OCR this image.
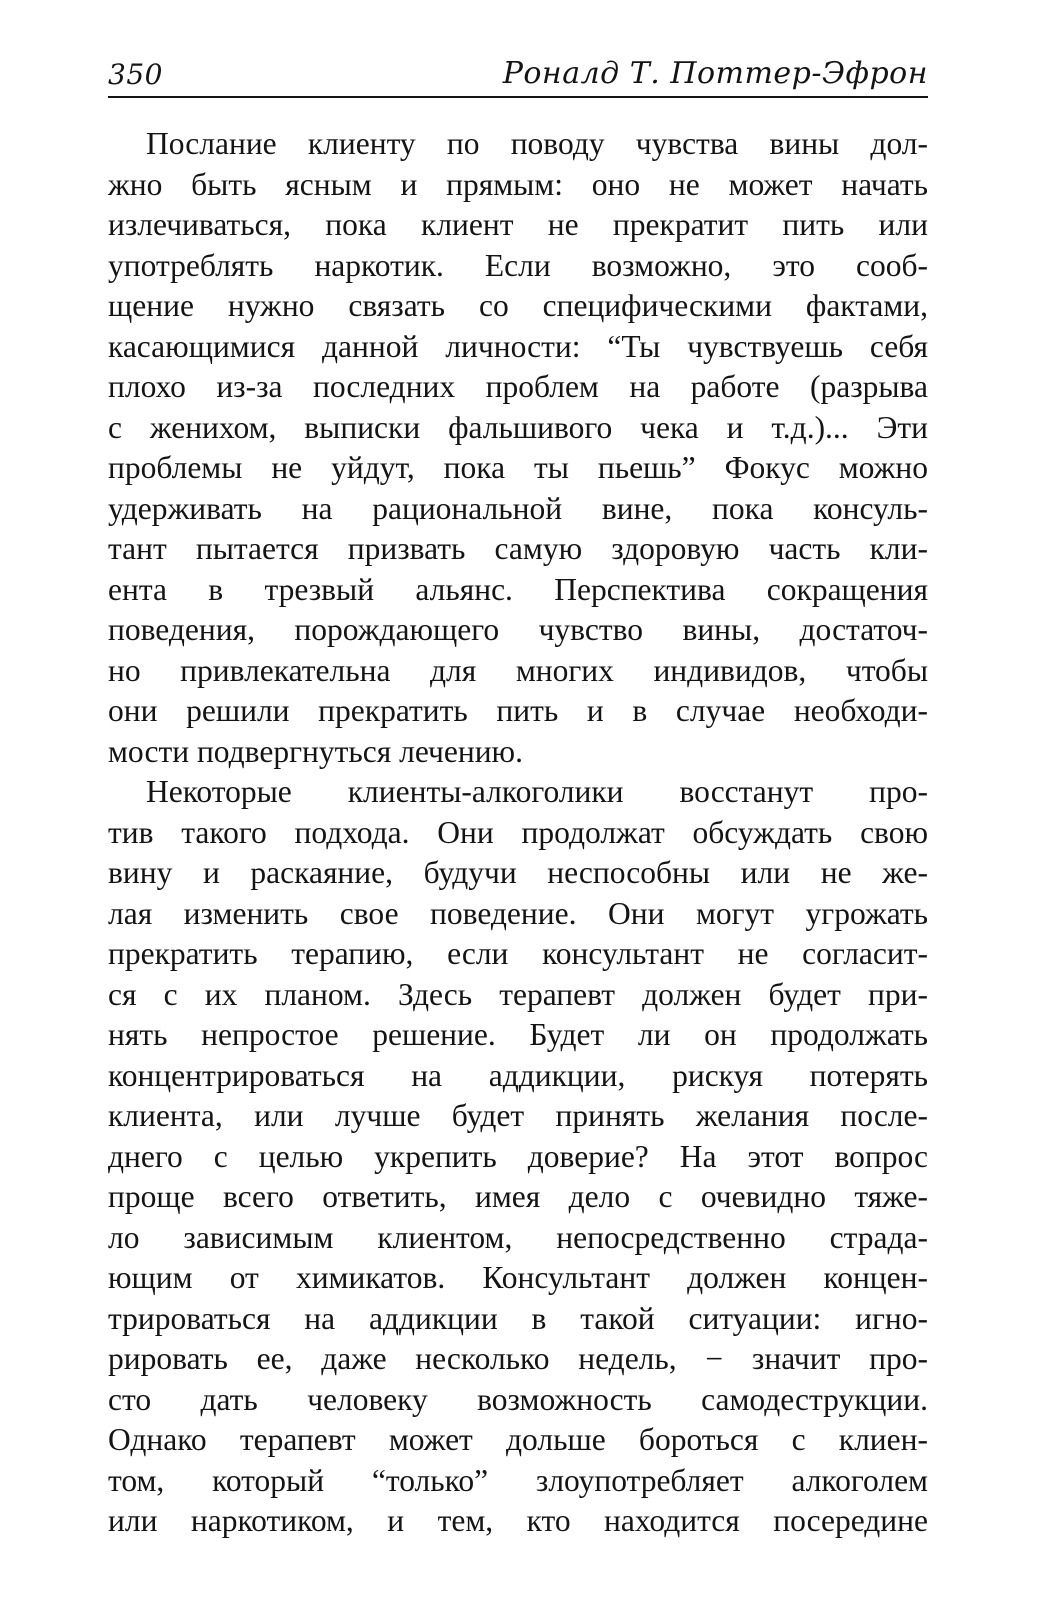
350	Роналд Т. Поттер-Эфрон
Послание клиенту по поводу чувства вины дол-
жно быть ясным и прямым: оно не может начать
излечиваться, пока клиент не прекратит пить или
употреблять наркотик. Если возможно, это сооб-
щение нужно связать со специфическими фактами,
касающимися данной личности: “Ты чувствуешь себя
плохо из-за последних проблем на работе (разрыва
с женихом, выписки фальшивого чека и т.д.)... Эти
проблемы не уйдут, пока ты пьешь” Фокус можно
удерживать на рациональной вине, пока консуль-
тант пытается призвать самую здоровую часть кли-
ента в трезвый альянс. Перспектива сокращения
поведения, порождающего чувство вины, достаточ-
но привлекательна для многих индивидов, чтобы
они решили прекратить пить и в случае необходи-
мости подвергнуться лечению.
Некоторые клиенты-алкоголики восстанут про-
тив такого подхода. Они продолжат обсуждать свою
вину и раскаяние, будучи неспособны или не же-
лая изменить свое поведение. Они могут угрожать
прекратить терапию, если консультант не согласит-
ся с их планом. Здесь терапевт должен будет при-
нять непростое решение. Будет ли он продолжать
концентрироваться на аддикции, рискуя потерять
клиента, или лучше будет принять желания после-
днего с целью укрепить доверие? На этот вопрос
проще всего ответить, имея дело с очевидно тяже-
ло зависимым клиентом, непосредственно страда-
ющим от химикатов. Консультант должен концен-
трироваться на аддикции в такой ситуации: игно-
рировать ее, даже несколько недель, − значит про-
сто дать человеку возможность самодеструкции.
Однако терапевт может дольше бороться с клиен-
том, который “только” злоупотребляет алкоголем
или наркотиком, и тем, кто находится посередине
